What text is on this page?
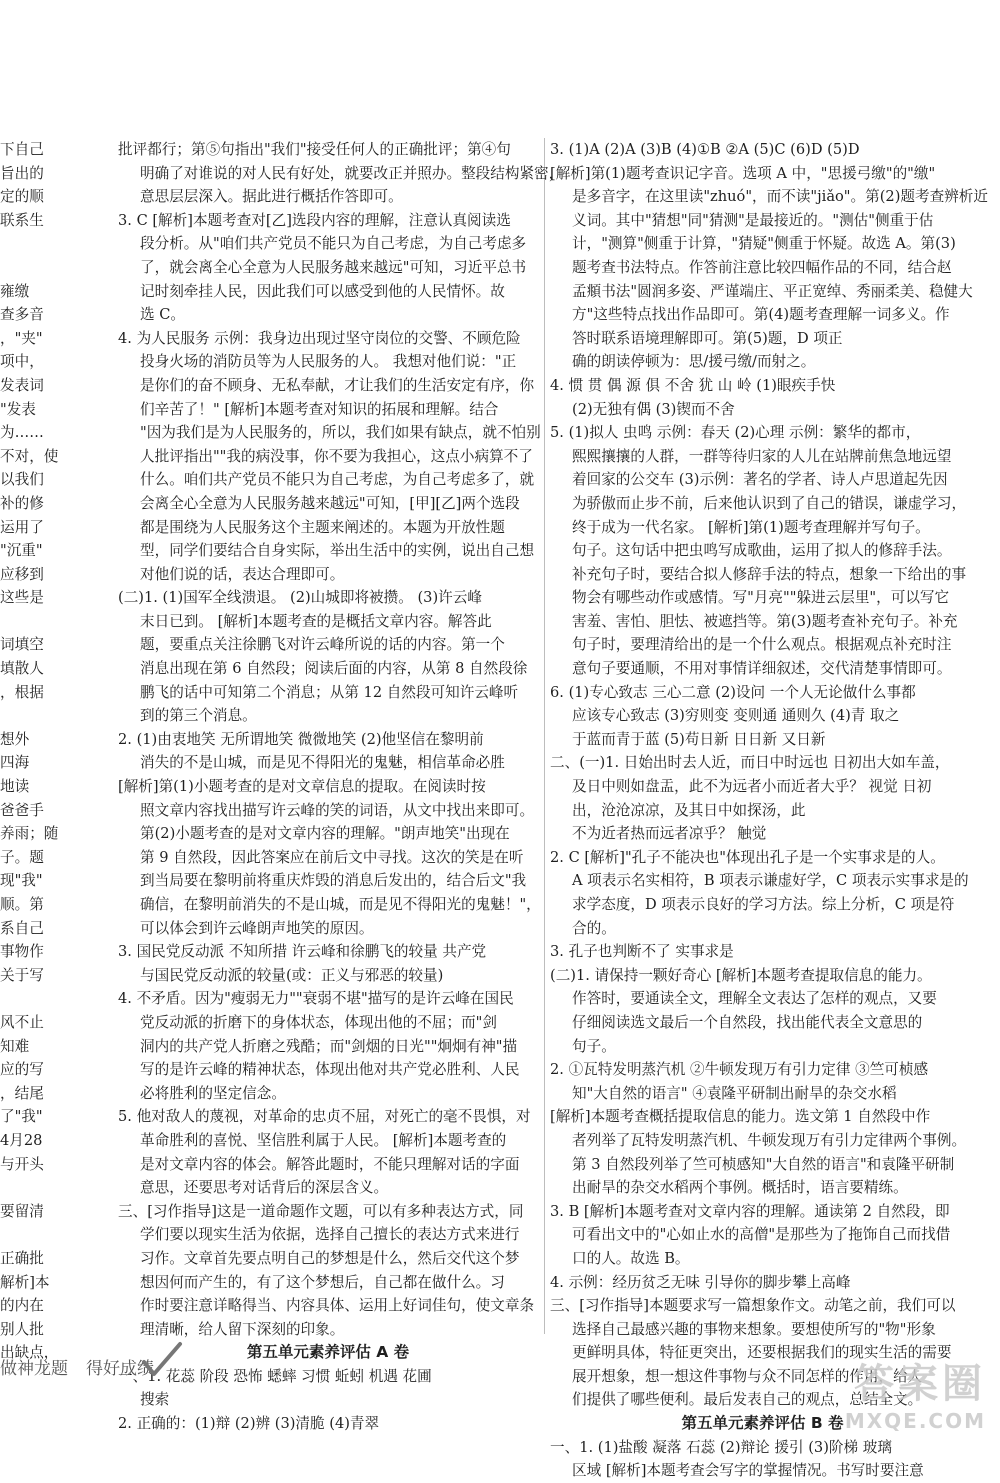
下自己
旨出的
定的顺
联系生

雍缴
查多音
，"夹"
项中，
发表词
"发表
为……
不对，使
以我们
补的修
运用了
"沉重"
应移到
这些是

词填空
填散人
，根据

想外
四海
地读
爸爸手
养雨；随
子。题
现"我"
顺。第
系自己
事物作
关于写

风不止
知难
应的写
，结尾
了"我"
4月28
与开头

要留清

正确批
解析]本
的内在
别人批
出缺点，
批评都行；第⑤句指出"我们"接受任何人的正确批评；第④句
明确了对谁说的对人民有好处，就要改正并照办。整段结构紧密，
意思层层深入。据此进行概括作答即可。
3. C [解析]本题考查对[乙]选段内容的理解，注意认真阅读选
段分析。从"咱们共产党员不能只为自己考虑，为自己考虑多
了，就会离全心全意为人民服务越来越远"可知，习近平总书
记时刻牵挂人民，因此我们可以感受到他的人民情怀。故
选 C。
4. 为人民服务 示例：我身边出现过坚守岗位的交警、不顾危险
投身火场的消防员等为人民服务的人。 我想对他们说："正
是你们的奋不顾身、无私奉献，才让我们的生活安定有序，你
们辛苦了！" [解析]本题考查对知识的拓展和理解。结合
"因为我们是为人民服务的，所以，我们如果有缺点，就不怕别
人批评指出""我的病没事，你不要为我担心，这点小病算不了
什么。咱们共产党员不能只为自己考虑，为自己考虑多了，就
会离全心全意为人民服务越来越远"可知，[甲][乙]两个选段
都是围绕为人民服务这个主题来阐述的。本题为开放性题
型，同学们要结合自身实际，举出生活中的实例，说出自己想
对他们说的话，表达合理即可。
(二)1. (1)国军全线溃退。 (2)山城即将被攒。 (3)许云峰
末日已到。 [解析]本题考查的是概括文章内容。解答此
题，要重点关注徐鹏飞对许云峰所说的话的内容。第一个
消息出现在第 6 自然段；阅读后面的内容，从第 8 自然段徐
鹏飞的话中可知第二个消息；从第 12 自然段可知许云峰听
到的第三个消息。
2. (1)由衷地笑 无所谓地笑 微微地笑 (2)他坚信在黎明前
消失的不是山城，而是见不得阳光的鬼魅，相信革命必胜
[解析]第(1)小题考查的是对文章信息的提取。在阅读时按
照文章内容找出描写许云峰的笑的词语，从文中找出来即可。
第(2)小题考查的是对文章内容的理解。"朗声地笑"出现在
第 9 自然段，因此答案应在前后文中寻找。这次的笑是在听
到当局要在黎明前将重庆炸毁的消息后发出的，结合后文"我
确信，在黎明前消失的不是山城，而是见不得阳光的鬼魅！"，
可以体会到许云峰朗声地笑的原因。
3. 国民党反动派 不知所措 许云峰和徐鹏飞的较量 共产党
与国民党反动派的较量(或：正义与邪恶的较量)
4. 不矛盾。因为"瘦弱无力""衰弱不堪"描写的是许云峰在国民
党反动派的折磨下的身体状态，体现出他的不屈；而"剑
洞内的共产党人折磨之残酷；而"剑烟的日光""炯炯有神"描
写的是许云峰的精神状态，体现出他对共产党必胜利、人民
必将胜利的坚定信念。
5. 他对敌人的蔑视，对革命的忠贞不屈，对死亡的毫不畏惧，对
革命胜利的喜悦、坚信胜利属于人民。 [解析]本题考查的
是对文章内容的体会。解答此题时，不能只理解对话的字面
意思，还要思考对话背后的深层含义。
三、[习作指导]这是一道命题作文题，可以有多种表达方式，同
学们要以现实生活为依据，选择自己擅长的表达方式来进行
习作。文章首先要点明自己的梦想是什么，然后交代这个梦
想因何而产生的，有了这个梦想后，自己都在做什么。习
作时要注意详略得当、内容具体、运用上好词佳句，使文章条
理清晰，给人留下深刻的印象。
第五单元素养评估 A 卷
一、1. 花蕊 阶段 恐怖 蟋蟀 习惯 蚯蚓 机遇 花圃
搜索
2. 正确的：(1)辩 (2)辨 (3)清脆 (4)青翠
3. (1)A (2)A (3)B (4)①B ②A (5)C (6)D (5)D
[解析]第(1)题考查识记字音。选项 A 中，"思援弓缴"的"缴"
是多音字，在这里读"zhuó"，而不读"jiǎo"。第(2)题考查辨析近
义词。其中"猜想"同"猜测"是最接近的。"测估"侧重于估
计，"测算"侧重于计算，"猜疑"侧重于怀疑。故选 A。第(3)
题考查书法特点。作答前注意比较四幅作品的不同，结合赵
孟頫书法"圆润多姿、严谨端庄、平正宽绰、秀丽柔美、稳健大
方"这些特点找出作品即可。第(4)题考查理解一词多义。作
答时联系语境理解即可。第(5)题，D 项正
确的朗读停顿为：思/援弓缴/而射之。
4. 惯 贯 偶 源 俱 不舍 犹 山 岭 (1)眼疾手快
(2)无独有偶 (3)锲而不舍
5. (1)拟人 虫鸣 示例：春天 (2)心理 示例：繁华的都市，
熙熙攘攘的人群，一群等待归家的人儿在站牌前焦急地远望
着回家的公交车 (3)示例：著名的学者、诗人卢思道起先因
为骄傲而止步不前，后来他认识到了自己的错误，谦虚学习，
终于成为一代名家。 [解析]第(1)题考查理解并写句子。
句子。这句话中把虫鸣写成歌曲，运用了拟人的修辞手法。
补充句子时，要结合拟人修辞手法的特点，想象一下给出的事
物会有哪些动作或感情。写"月亮""躲进云层里"，可以写它
害羞、害怕、胆怯、被遮挡等。第(3)题考查补充句子。补充
句子时，要理清给出的是一个什么观点。根据观点补充时注
意句子要通顺，不用对事情详细叙述，交代清楚事情即可。
6. (1)专心致志 三心二意 (2)设问 一个人无论做什么事都
应该专心致志 (3)穷则变 变则通 通则久 (4)青 取之
于蓝而青于蓝 (5)苟日新 日日新 又日新
二、(一)1. 日始出时去人近，而日中时远也 日初出大如车盖，
及日中则如盘盂，此不为远者小而近者大乎？ 视觉 日初
出，沧沧凉凉，及其日中如探汤，此
不为近者热而远者凉乎？ 触觉
2. C [解析]"孔子不能决也"体现出孔子是一个实事求是的人。
A 项表示名实相符，B 项表示谦虚好学，C 项表示实事求是的
求学态度，D 项表示良好的学习方法。综上分析，C 项是符
合的。
3. 孔子也判断不了 实事求是
(二)1. 请保持一颗好奇心 [解析]本题考查提取信息的能力。
作答时，要通读全文，理解全文表达了怎样的观点，又要
仔细阅读选文最后一个自然段，找出能代表全文意思的
句子。
2. ①瓦特发明蒸汽机 ②牛顿发现万有引力定律 ③竺可桢感
知"大自然的语言" ④袁隆平研制出耐旱的杂交水稻
[解析]本题考查概括提取信息的能力。选文第 1 自然段中作
者列举了瓦特发明蒸汽机、牛顿发现万有引力定律两个事例。
第 3 自然段列举了竺可桢感知"大自然的语言"和袁隆平研制
出耐旱的杂交水稻两个事例。概括时，语言要精练。
3. B [解析]本题考查对文章内容的理解。通读第 2 自然段，即
可看出文中的"心如止水的高僧"是那些为了拖饰自己而找借
口的人。故选 B。
4. 示例：经历贫乏无味 引导你的脚步攀上高峰
三、[习作指导]本题要求写一篇想象作文。动笔之前，我们可以
选择自己最感兴趣的事物来想象。要想使所写的"物"形象
更鲜明具体，特征更突出，还要根据我们的现实生活的需要
展开想象，想一想这件事物与众不同怎样的作用，给人
们提供了哪些便利。最后发表自己的观点，总结全文。
第五单元素养评估 B 卷
一、1. (1)盐酸 凝落 石蕊 (2)辩论 援引 (3)阶梯 玻璃
区域 [解析]本题考查会写字的掌握情况。书写时要注意
做神龙题 得好成绩	答案圈
MXQE.COM
